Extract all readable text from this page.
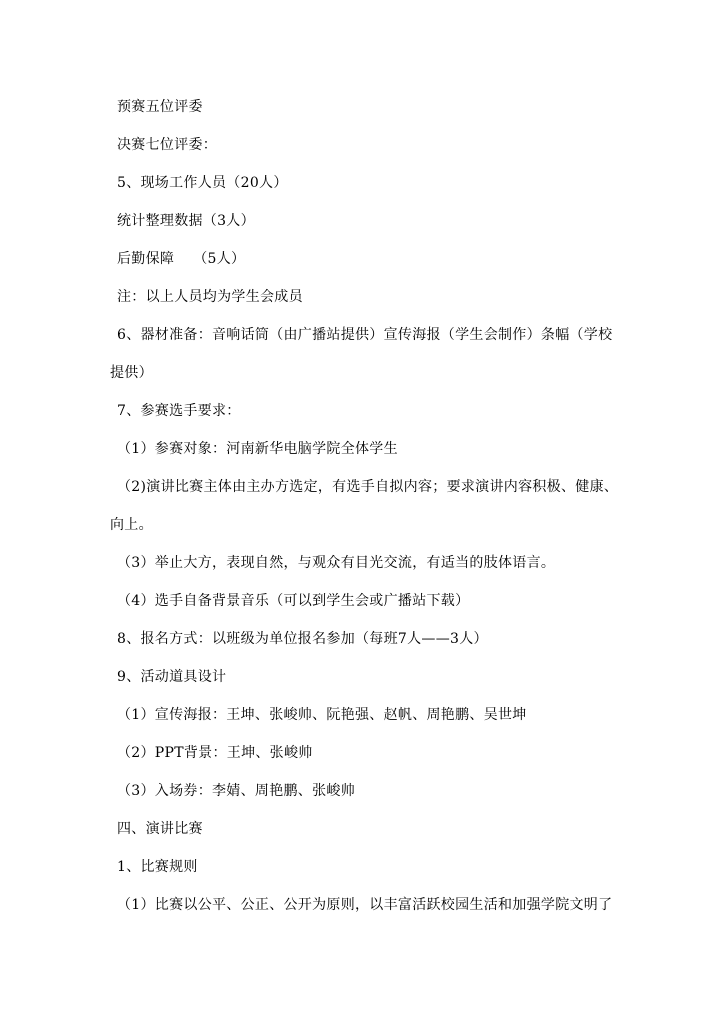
预赛五位评委
决赛七位评委：
5、现场工作人员（20人）
统计整理数据（3人）
后勤保障　 （5人）
注：以上人员均为学生会成员
6、器材准备：音响话筒（由广播站提供）宣传海报（学生会制作）条幅（学校
提供）
7、参赛选手要求：
（1）参赛对象：河南新华电脑学院全体学生
（2)演讲比赛主体由主办方选定，有选手自拟内容；要求演讲内容积极、健康、
向上。
（3）举止大方，表现自然，与观众有目光交流，有适当的肢体语言。
（4）选手自备背景音乐（可以到学生会或广播站下载）
8、报名方式：以班级为单位报名参加（每班7人——3人）
9、活动道具设计
（1）宣传海报：王坤、张峻帅、阮艳强、赵帆、周艳鹏、吴世坤
（2）PPT背景：王坤、张峻帅
（3）入场券：李婧、周艳鹏、张峻帅
四、演讲比赛
1、比赛规则
（1）比赛以公平、公正、公开为原则，以丰富活跃校园生活和加强学院文明了
